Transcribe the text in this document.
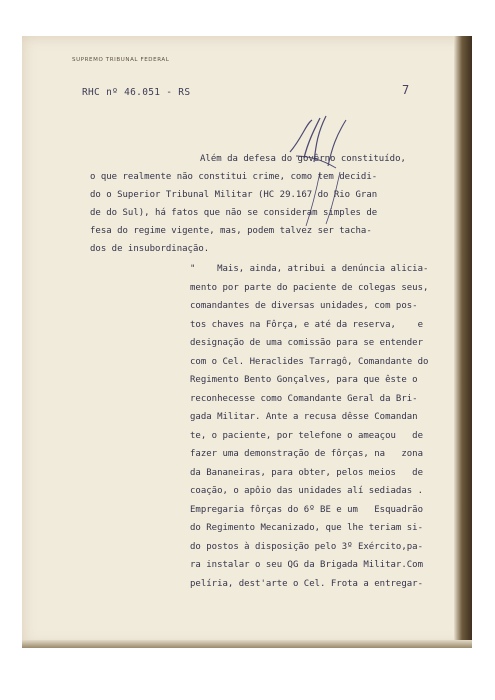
SUPREMO TRIBUNAL FEDERAL
RHC nº 46.051 - RS	7
Além da defesa do govêrno constituído,
o que realmente não constitui crime, como tem decidi-
do o Superior Tribunal Militar (HC 29.167 do Rio Gran
de do Sul), há fatos que não se consideram simples de
fesa do regime vigente, mas, podem talvez ser tacha-
dos de insubordinação.
"    Mais, ainda, atribui a denúncia alicia-
mento por parte do paciente de colegas seus,
comandantes de diversas unidades, com pos-
tos chaves na Fôrça, e até da reserva,    e
designação de uma comissão para se entender
com o Cel. Heraclides Tarragô, Comandante do
Regimento Bento Gonçalves, para que êste o
reconhecesse como Comandante Geral da Bri-
gada Militar. Ante a recusa dêsse Comandan
te, o paciente, por telefone o ameaçou   de
fazer uma demonstração de fôrças, na   zona
da Bananeiras, para obter, pelos meios   de
coação, o apôio das unidades alí sediadas .
Empregaria fôrças do 6º BE e um   Esquadrão
do Regimento Mecanizado, que lhe teriam si-
do postos à disposição pelo 3º Exército,pa-
ra instalar o seu QG da Brigada Militar.Com
pelíria, dest'arte o Cel. Frota a entregar-
